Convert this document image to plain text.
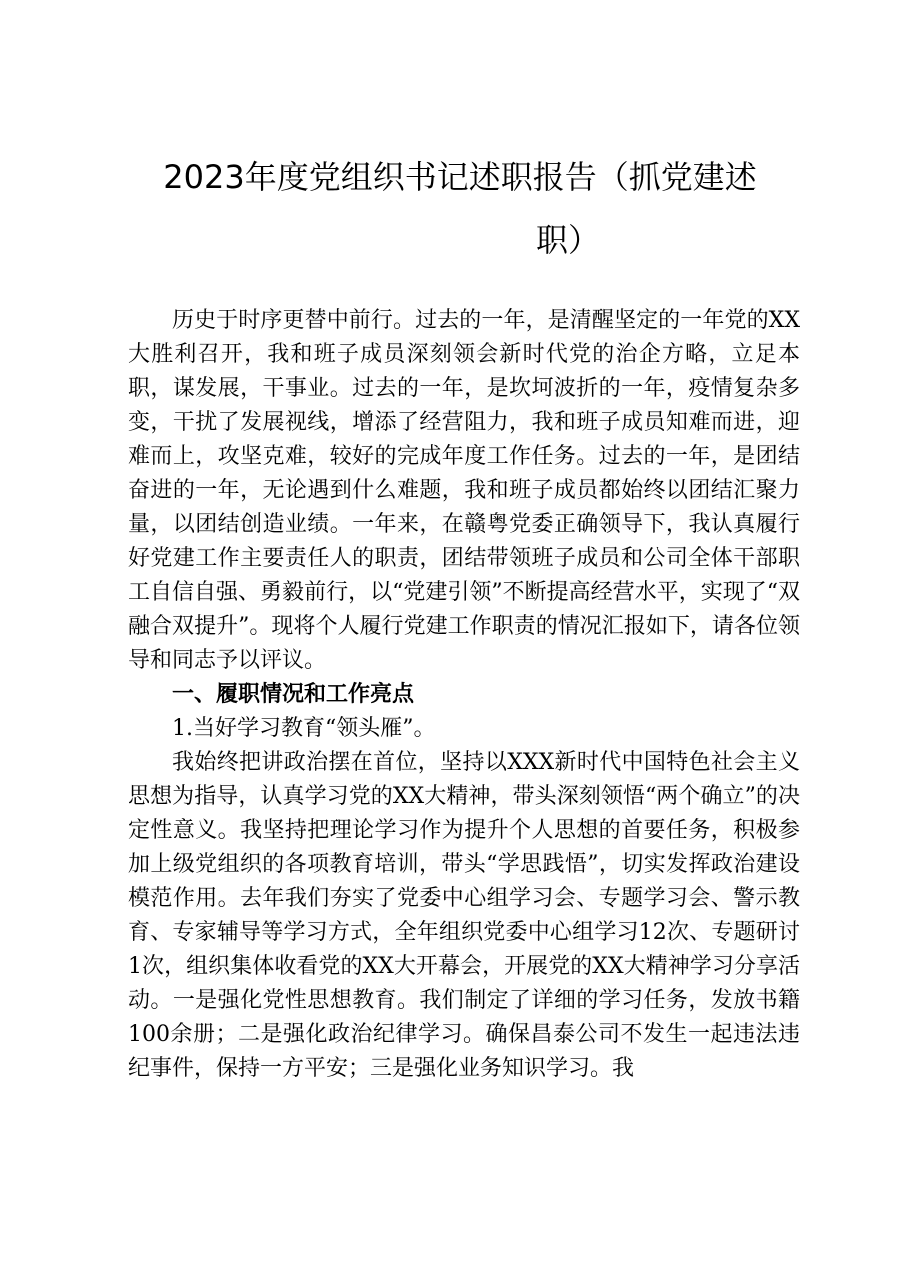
2023年度党组织书记述职报告（抓党建述
职）

历史于时序更替中前行。过去的一年，是清醒坚定的一年党的XX大胜利召开，我和班子成员深刻领会新时代党的治企方略，立足本职，谋发展，干事业。过去的一年，是坎坷波折的一年，疫情复杂多变，干扰了发展视线，增添了经营阻力，我和班子成员知难而进，迎难而上，攻坚克难，较好的完成年度工作任务。过去的一年，是团结奋进的一年，无论遇到什么难题，我和班子成员都始终以团结汇聚力量，以团结创造业绩。一年来，在赣粤党委正确领导下，我认真履行好党建工作主要责任人的职责，团结带领班子成员和公司全体干部职工自信自强、勇毅前行，以“党建引领”不断提高经营水平，实现了“双融合双提升”。现将个人履行党建工作职责的情况汇报如下，请各位领导和同志予以评议。

一、履职情况和工作亮点

1.当好学习教育“领头雁”。

我始终把讲政治摆在首位，坚持以XXX新时代中国特色社会主义思想为指导，认真学习党的XX大精神，带头深刻领悟“两个确立”的决定性意义。我坚持把理论学习作为提升个人思想的首要任务，积极参加上级党组织的各项教育培训，带头“学思践悟”，切实发挥政治建设模范作用。去年我们夯实了党委中心组学习会、专题学习会、警示教育、专家辅导等学习方式，全年组织党委中心组学习12次、专题研讨1次，组织集体收看党的XX大开幕会，开展党的XX大精神学习分享活动。一是强化党性思想教育。我们制定了详细的学习任务，发放书籍100余册；二是强化政治纪律学习。确保昌泰公司不发生一起违法违纪事件，保持一方平安；三是强化业务知识学习。我
